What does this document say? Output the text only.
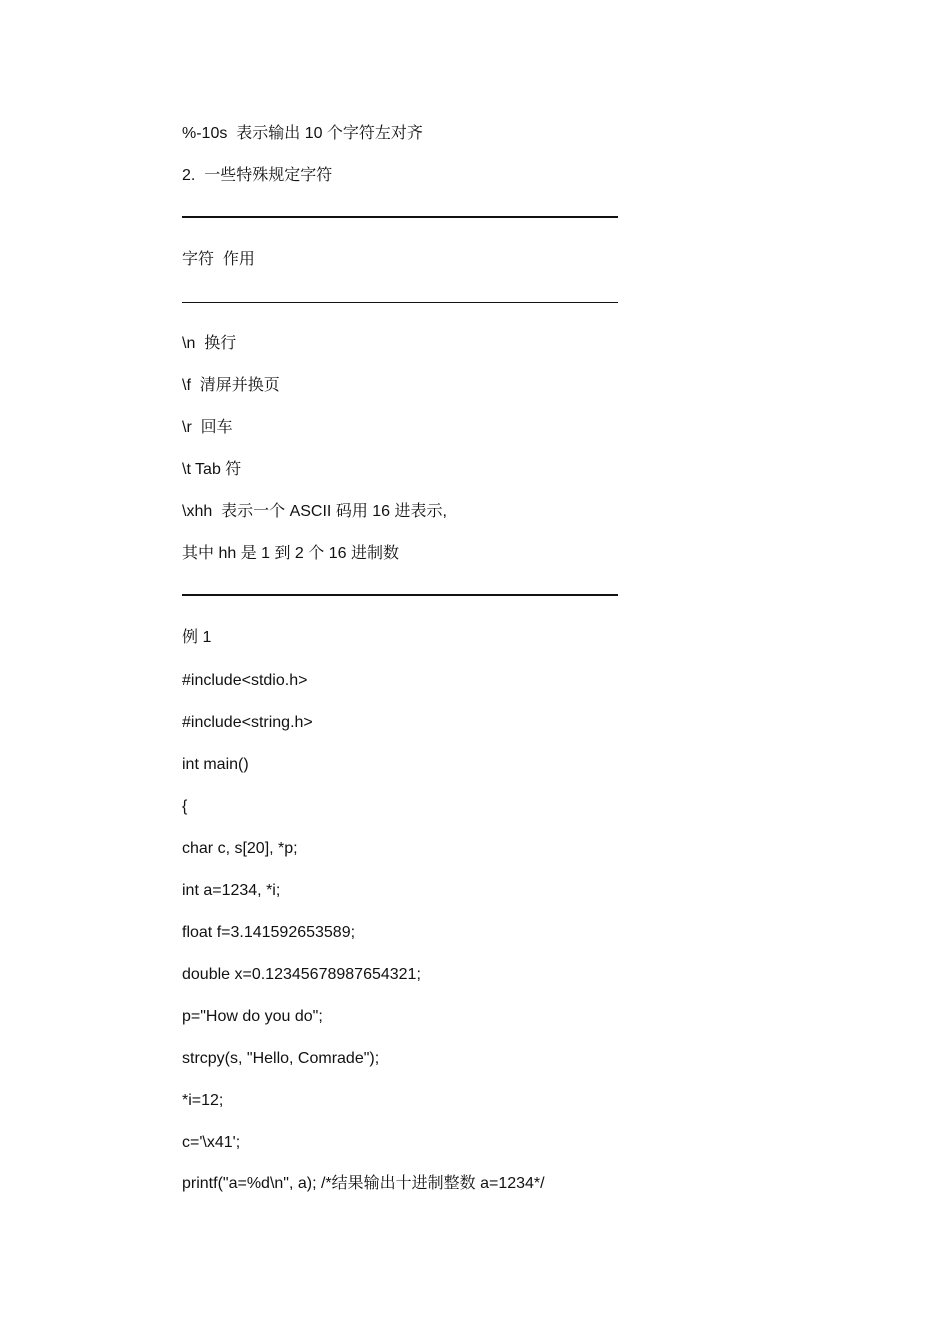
%-10s  表示输出 10 个字符左对齐
2.  一些特殊规定字符
字符  作用
\n  换行
\f  清屏并换页
\r  回车
\t Tab 符
\xhh  表示一个 ASCII 码用 16 进表示,
其中 hh 是 1 到 2 个 16 进制数
例 1
#include<stdio.h>
#include<string.h>
int main()
{
char c, s[20], *p;
int a=1234, *i;
float f=3.141592653589;
double x=0.12345678987654321;
p="How do you do";
strcpy(s, "Hello, Comrade");
*i=12;
c='\x41';
printf("a=%d\n", a); /*结果输出十进制整数 a=1234*/
